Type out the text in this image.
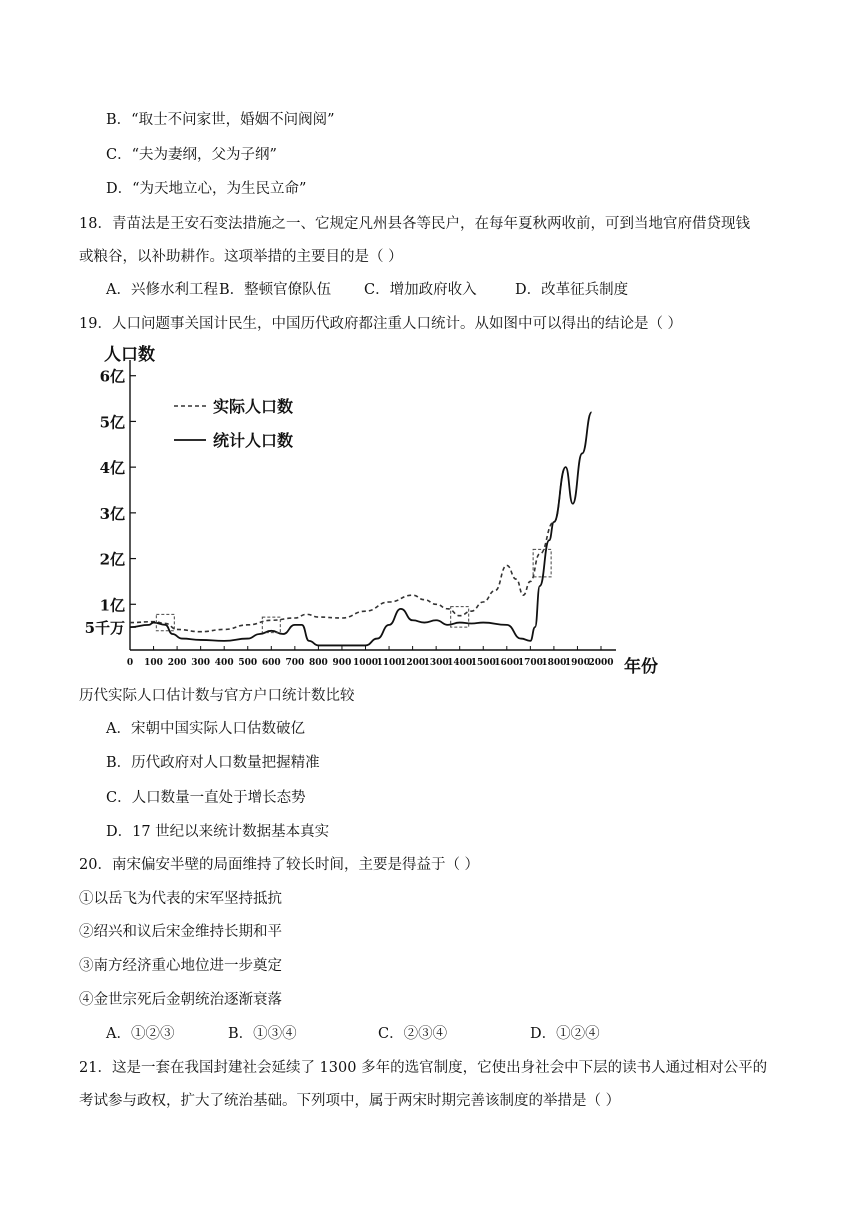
B．“取士不问家世，婚姻不问阀阅”
C．“夫为妻纲，父为子纲”
D．“为天地立心，为生民立命”
18．青苗法是王安石变法措施之一、它规定凡州县各等民户，在每年夏秋两收前，可到当地官府借贷现钱
或粮谷，以补助耕作。这项举措的主要目的是（ ）
A．兴修水利工程B．整顿官僚队伍 C．增加政府收入	D．改革征兵制度
19．人口问题事关国计民生，中国历代政府都注重人口统计。从如图中可以得出的结论是（ ）
人口数
年份
5千万
1亿
2亿
3亿
4亿
5亿
6亿
0 100 200 300 400 500 600 700 800 900 1000
1100
1200
1300
1400
1500
1600
1700
1800
1900
2000
实际人口数
统计人口数
历代实际人口估计数与官方户口统计数比较
A．宋朝中国实际人口估数破亿
B．历代政府对人口数量把握精准
C．人口数量一直处于增长态势
D．17 世纪以来统计数据基本真实
20．南宋偏安半壁的局面维持了较长时间，主要是得益于（ ）
①以岳飞为代表的宋军坚持抵抗
②绍兴和议后宋金维持长期和平
③南方经济重心地位进一步奠定
④金世宗死后金朝统治逐渐衰落
A．①②③	B．①③④	C．②③④	D．①②④
21．这是一套在我国封建社会延续了 1300 多年的选官制度，它使出身社会中下层的读书人通过相对公平的
考试参与政权，扩大了统治基础。下列项中，属于两宋时期完善该制度的举措是（ ）
